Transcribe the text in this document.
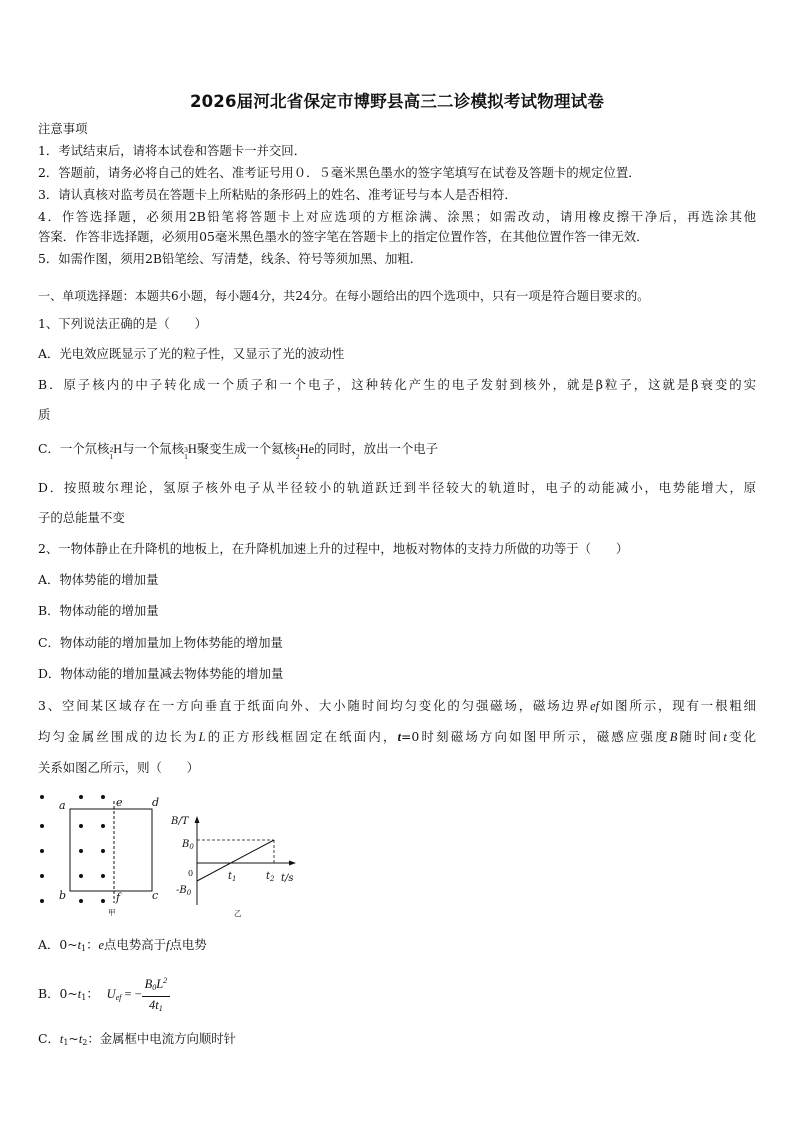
2026届河北省保定市博野县高三二诊模拟考试物理试卷
注意事项
1．考试结束后，请将本试卷和答题卡一并交回．
2．答题前，请务必将自己的姓名、准考证号用０．５毫米黑色墨水的签字笔填写在试卷及答题卡的规定位置．
3．请认真核对监考员在答题卡上所粘贴的条形码上的姓名、准考证号与本人是否相符．
4．作答选择题，必须用2B铅笔将答题卡上对应选项的方框涂满、涂黑；如需改动，请用橡皮擦干净后，再选涂其他
答案．作答非选择题，必须用05毫米黑色墨水的签字笔在答题卡上的指定位置作答，在其他位置作答一律无效．
5．如需作图，须用2B铅笔绘、写清楚，线条、符号等须加黑、加粗．
一、单项选择题：本题共6小题，每小题4分，共24分。在每小题给出的四个选项中，只有一项是符合题目要求的。
1、下列说法正确的是（　　）
A．光电效应既显示了光的粒子性，又显示了光的波动性
B．原子核内的中子转化成一个质子和一个电子，这种转化产生的电子发射到核外，就是β粒子，这就是β衰变的实
质
C．一个氘核 2
1
H与一个氚核 3
1
H聚变生成一个氦核 4
2
He的同时，放出一个电子
D．按照玻尔理论，氢原子核外电子从半径较小的轨道跃迁到半径较大的轨道时，电子的动能减小，电势能增大，原
子的总能量不变
2、一物体静止在升降机的地板上，在升降机加速上升的过程中，地板对物体的支持力所做的功等于（　　）
A．物体势能的增加量
B．物体动能的增加量
C．物体动能的增加量加上物体势能的增加量
D．物体动能的增加量减去物体势能的增加量
3、空间某区域存在一方向垂直于纸面向外、大小随时间均匀变化的匀强磁场，磁场边界ef如图所示，现有一根粗细
均匀金属丝围成的边长为L的正方形线框固定在纸面内，t=0时刻磁场方向如图甲所示，磁感应强度B随时间t变化
关系如图乙所示，则（　　）
a
b	c
d
e
f
甲
B/T
$B_0$
0
$-B_0$
$t_1$	$t_2$ t/s
乙
A．$0\sim t_1$：e点电势高于f点电势
B．$0\sim t_1$： $U_{ef}$ = − $\frac{B_0L^2}{4t_1}$
C．$t_1\sim t_2$：金属框中电流方向顺时针
